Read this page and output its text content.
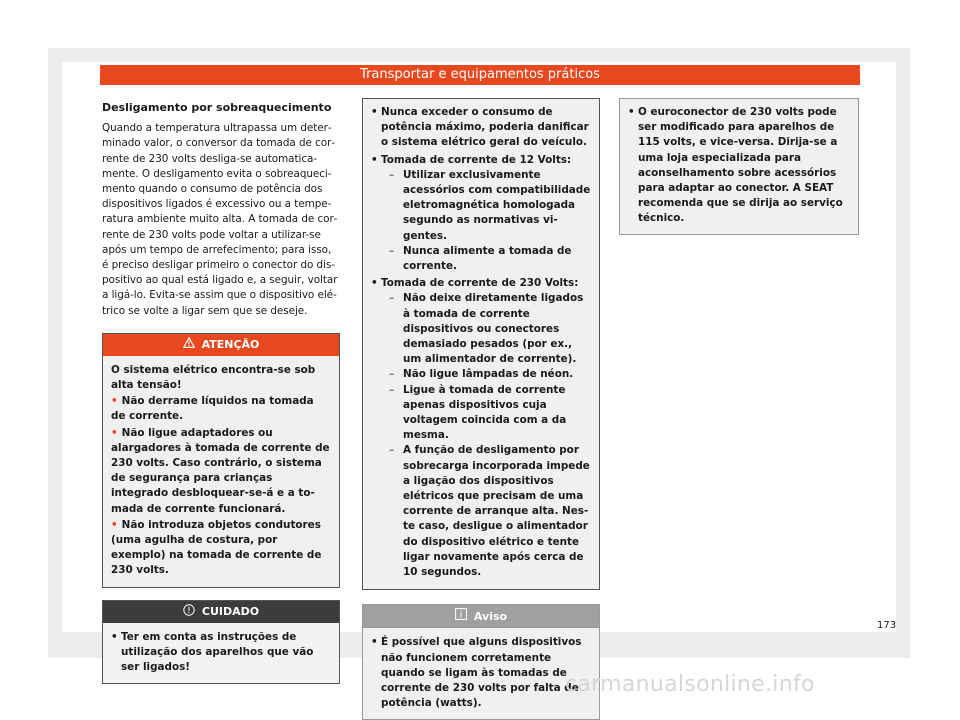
Transportar e equipamentos práticos
Desligamento por sobreaquecimento

Quando a temperatura ultrapassa um determinado valor, o conversor da tomada de corrente de 230 volts desliga-se automaticamente. O desligamento evita o sobreaquecimento quando o consumo de potência dos dispositivos ligados é excessivo ou a temperatura ambiente muito alta. A tomada de corrente de 230 volts pode voltar a utilizar-se após um tempo de arrefecimento; para isso, é preciso desligar primeiro o conector do dispositivo ao qual está ligado e, a seguir, voltar a ligá-lo. Evita-se assim que o dispositivo elétrico se volte a ligar sem que se deseje.

ATENÇÃO

O sistema elétrico encontra-se sob alta tensão!

• Não derrame líquidos na tomada de corrente.
• Não ligue adaptadores ou alargadores à tomada de corrente de 230 volts. Caso contrário, o sistema de segurança para crianças integrado desbloquear-se-á e a tomada de corrente funcionará.
• Não introduza objetos condutores (uma agulha de costura, por exemplo) na tomada de corrente de 230 volts.
CUIDADO
• Ter em conta as instruções de utilização dos aparelhos que vão ser ligados!
• Nunca exceder o consumo de potência máximo, poderia danificar o sistema elétrico geral do veículo.
• Tomada de corrente de 12 Volts:
– Utilizar exclusivamente acessórios com compatibilidade eletromagnética homologada segundo as normativas vigentes.
– Nunca alimente a tomada de corrente.
• Tomada de corrente de 230 Volts:
– Não deixe diretamente ligados à tomada de corrente dispositivos ou conectores demasiado pesados (por ex., um alimentador de corrente).
– Não ligue lâmpadas de néon.
– Ligue à tomada de corrente apenas dispositivos cuja voltagem coincida com a da mesma.
– A função de desligamento por sobrecarga incorporada impede a ligação dos dispositivos elétricos que precisam de uma corrente de arranque alta. Neste caso, desligue o alimentador do dispositivo elétrico e tente ligar novamente após cerca de 10 segundos.
Aviso
• É possível que alguns dispositivos não funcionem corretamente quando se ligam às tomadas de corrente de 230 volts por falta de potência (watts).
• O euroconector de 230 volts pode ser modificado para aparelhos de 115 volts, e vice-versa. Dirija-se a uma loja especializada para aconselhamento sobre acessórios para adaptar ao conector. A SEAT recomenda que se dirija ao serviço técnico.
173
carmanualsonline.info
